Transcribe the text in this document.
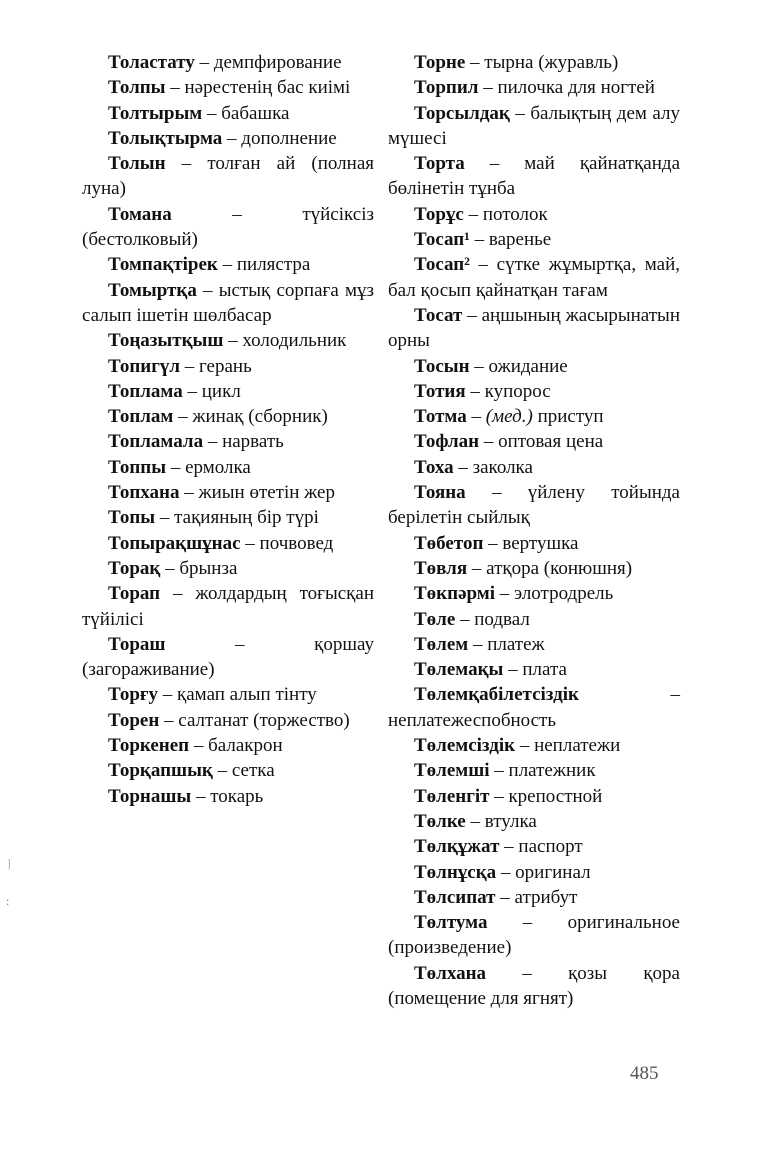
Толастату – демпфирование
Толпы – нәрестенің бас киімі
Толтырым – бабашка
Толықтырма – дополнение
Толын – толған ай (полная луна)
Томана – түйсіксіз (бестолковый)
Томпақтірек – пилястра
Томыртқа – ыстық сорпаға мұз салып ішетін шөлбасар
Тоңазытқыш – холодильник
Топигүл – герань
Топлама – цикл
Топлам – жинақ (сборник)
Топламала – нарвать
Топпы – ермолка
Топхана – жиын өтетін жер
Топы – тақияның бір түрі
Топырақшұнас – почвовед
Торақ – брынза
Торап – жолдардың тоғысқан түйілісі
Тораш – қоршау (загораживание)
Торғу – қамап алып тінту
Торен – салтанат (торжество)
Торкенеп – балакрон
Торқапшық – сетка
Торнашы – токарь
Торне – тырна (журавль)
Торпил – пилочка для ногтей
Торсылдақ – балықтың дем алу мүшесі
Торта – май қайнатқанда бөлінетін тұнба
Торұс – потолок
Тосап¹ – варенье
Тосап² – сүтке жұмыртқа, май, бал қосып қайнатқан тағам
Тосат – аңшының жасырынатын орны
Тосын – ожидание
Тотия – купорос
Тотма – (мед.) приступ
Тофлан – оптовая цена
Тоха – заколка
Тояна – үйлену тойында берілетін сыйлық
Төбетоп – вертушка
Төвля – атқора (конюшня)
Төкпәрмі – элотродрель
Төле – подвал
Төлем – платеж
Төлемақы – плата
Төлемқабілетсіздік – неплатежеспобность
Төлемсіздік – неплатежи
Төлемші – платежник
Төленгіт – крепостной
Төлке – втулка
Төлқұжат – паспорт
Төлнұсқа – оригинал
Төлсипат – атрибут
Төлтума – оригинальное (произведение)
Төлхана – қозы қора (помещение для ягнят)
|
:
485
